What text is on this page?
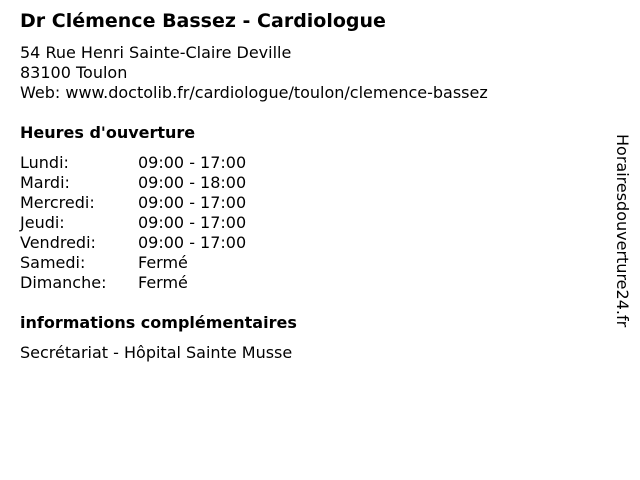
Dr Clémence Bassez - Cardiologue
54 Rue Henri Sainte-Claire Deville
83100 Toulon
Web: www.doctolib.fr/cardiologue/toulon/clemence-bassez
Heures d'ouverture
Lundi:	09:00 - 17:00
Mardi:	09:00 - 18:00
Mercredi:	09:00 - 17:00
Jeudi:	09:00 - 17:00
Vendredi:	09:00 - 17:00
Samedi:	Fermé
Dimanche: Fermé
informations complémentaires
Secrétariat - Hôpital Sainte Musse
Horairesdouverture24.fr
